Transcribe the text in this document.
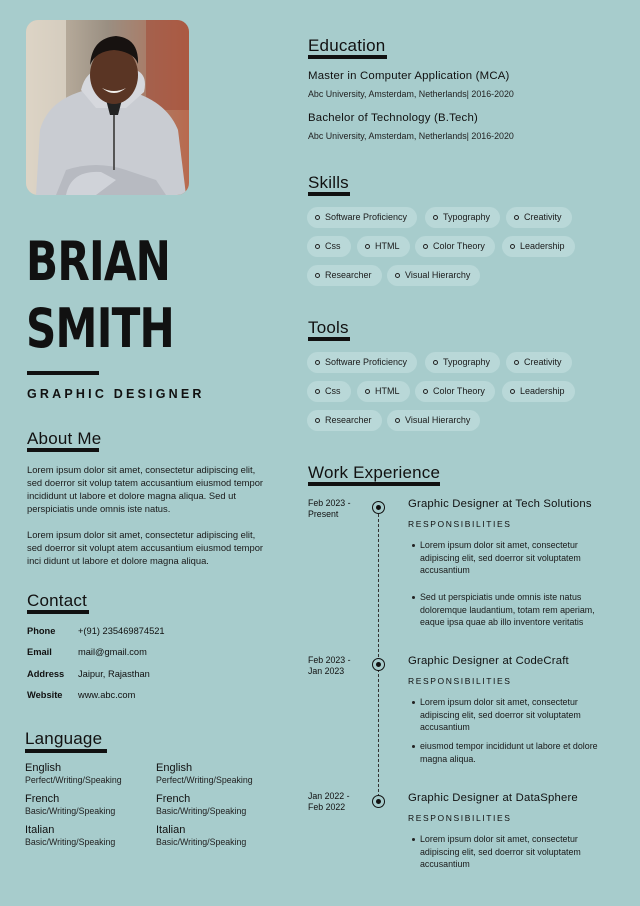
BRIAN
SMITH
GRAPHIC DESIGNER
About Me
Lorem ipsum dolor sit amet, consectetur adipiscing elit, sed doerror sit volup tatem accusantium eiusmod tempor incididunt ut labore et dolore magna aliqua. Sed ut perspiciatis unde omnis iste natus.
Lorem ipsum dolor sit amet, consectetur adipiscing elit, sed doerror sit volupt atem accusantium eiusmod tempor inci didunt ut labore et dolore magna aliqua.
Contact
Phone	+(91) 235469874521
Email	mail@gmail.com
Address	Jaipur, Rajasthan
Website	www.abc.com
Language
English
Perfect/Writing/Speaking
English
Perfect/Writing/Speaking
French
Basic/Writing/Speaking
French
Basic/Writing/Speaking
Italian
Basic/Writing/Speaking
Italian
Basic/Writing/Speaking
Education
Master in Computer Application (MCA)
Abc University, Amsterdam, Netherlands| 2016-2020
Bachelor of Technology (B.Tech)
Abc University, Amsterdam, Netherlands| 2016-2020
Skills
Software Proficiency	Typography	Creativity
Css	HTML	Color Theory	Leadership
Researcher	Visual Hierarchy
Tools
Software Proficiency	Typography	Creativity
Css	HTML	Color Theory	Leadership
Researcher	Visual Hierarchy
Work Experience
Feb 2023 -
Present
Graphic Designer at Tech Solutions
RESPONSIBILITIES
Lorem ipsum dolor sit amet, consectetur adipiscing elit, sed doerror sit voluptatem accusantium
Sed ut perspiciatis unde omnis iste natus doloremque laudantium, totam rem aperiam, eaque ipsa quae ab illo inventore veritatis
Feb 2023 -
Jan 2023
Graphic Designer at CodeCraft
RESPONSIBILITIES
Lorem ipsum dolor sit amet, consectetur adipiscing elit, sed doerror sit voluptatem accusantium
eiusmod tempor incididunt ut labore et dolore magna aliqua.
Jan 2022 -
Feb 2022
Graphic Designer at DataSphere
RESPONSIBILITIES
Lorem ipsum dolor sit amet, consectetur adipiscing elit, sed doerror sit voluptatem accusantium
